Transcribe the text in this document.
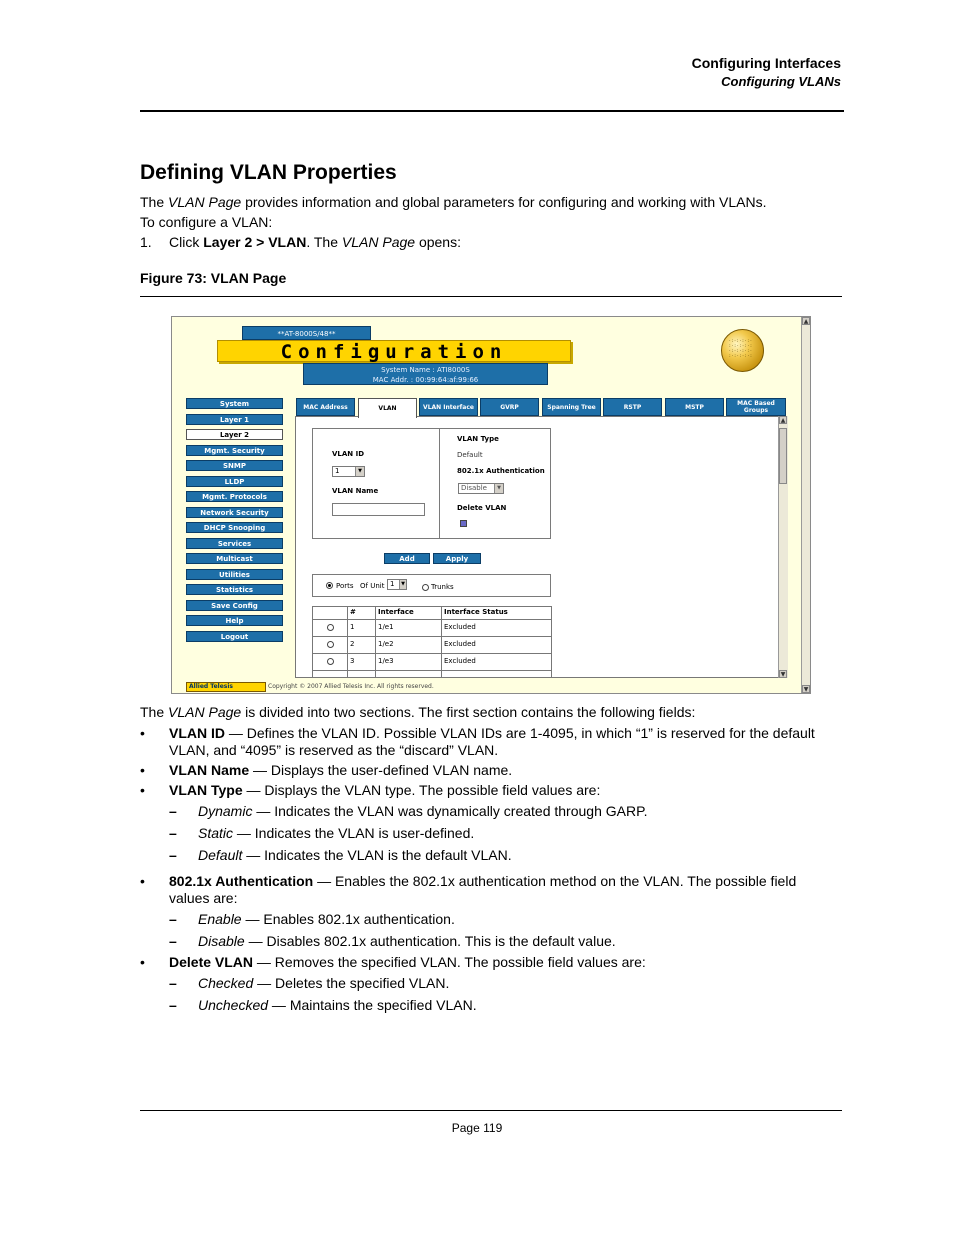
Configuring Interfaces
Configuring VLANs
Defining VLAN Properties
The VLAN Page provides information and global parameters for configuring and working with VLANs.
To configure a VLAN:
1. Click Layer 2 > VLAN. The VLAN Page opens:
Figure 73: VLAN Page
▲
▼
**AT-8000S/48**
Configuration
System Name : ATI8000S
MAC Addr. : 00:99:64:af:99:66
·:·:·:·:· :·:·:·:·: ·:·:·:·:· :·:·:·:·:
▲
▼
VLAN ID
1	▼
VLAN Name
VLAN Type
Default
802.1x Authentication
Disable	▼
Delete VLAN
Add	Apply
Ports Of Unit 1	▼	Trunks
Allied Telesis	Copyright © 2007 Allied Telesis Inc. All rights reserved.
System
Layer 1
Layer 2
Mgmt. Security
SNMP
LLDP
Mgmt. Protocols
Network Security
DHCP Snooping
Services
Multicast
Utilities
Statistics
Save Config
Help
Logout
MAC Address	VLAN	VLAN Interface	GVRP	Spanning Tree	RSTP	MSTP	MAC Based Groups
#	Interface	Interface Status
1	1/e1	Excluded
2	1/e2	Excluded
3	1/e3	Excluded
The VLAN Page is divided into two sections. The first section contains the following fields:
• VLAN ID — Defines the VLAN ID. Possible VLAN IDs are 1-4095, in which “1” is reserved for the default
VLAN, and “4095” is reserved as the “discard” VLAN.
• VLAN Name — Displays the user-defined VLAN name.
• VLAN Type — Displays the VLAN type. The possible field values are:
– Dynamic — Indicates the VLAN was dynamically created through GARP.
– Static — Indicates the VLAN is user-defined.
– Default — Indicates the VLAN is the default VLAN.
• 802.1x Authentication — Enables the 802.1x authentication method on the VLAN. The possible field
values are:
– Enable — Enables 802.1x authentication.
– Disable — Disables 802.1x authentication. This is the default value.
• Delete VLAN — Removes the specified VLAN. The possible field values are:
– Checked — Deletes the specified VLAN.
– Unchecked — Maintains the specified VLAN.
Page 119
